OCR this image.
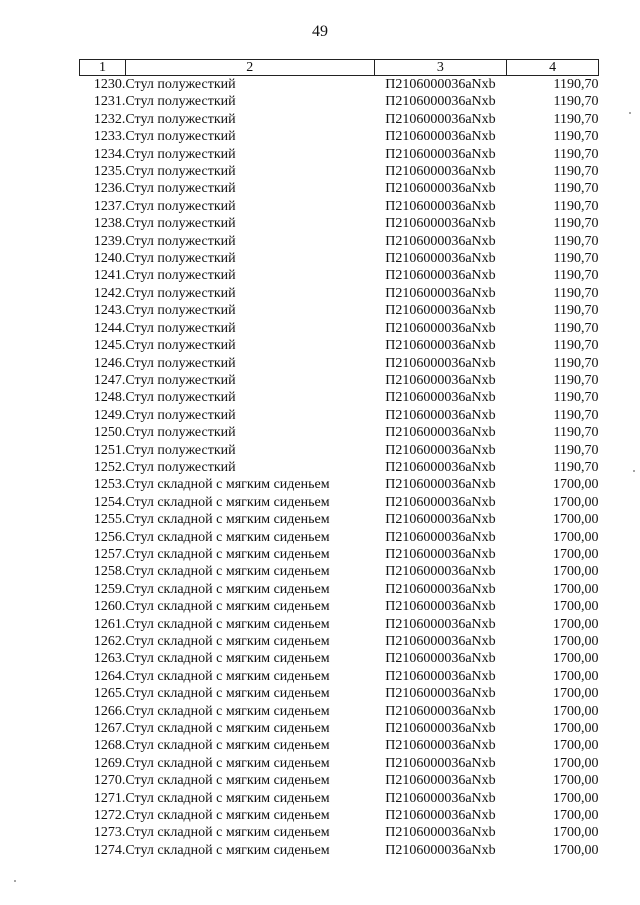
49
1	2	3	4
1230.	Стул полужесткий	П2106000036aNxb	1190,70
1231.	Стул полужесткий	П2106000036aNxb	1190,70
1232.	Стул полужесткий	П2106000036aNxb	1190,70
1233.	Стул полужесткий	П2106000036aNxb	1190,70
1234.	Стул полужесткий	П2106000036aNxb	1190,70
1235.	Стул полужесткий	П2106000036aNxb	1190,70
1236.	Стул полужесткий	П2106000036aNxb	1190,70
1237.	Стул полужесткий	П2106000036aNxb	1190,70
1238.	Стул полужесткий	П2106000036aNxb	1190,70
1239.	Стул полужесткий	П2106000036aNxb	1190,70
1240.	Стул полужесткий	П2106000036aNxb	1190,70
1241.	Стул полужесткий	П2106000036aNxb	1190,70
1242.	Стул полужесткий	П2106000036aNxb	1190,70
1243.	Стул полужесткий	П2106000036aNxb	1190,70
1244.	Стул полужесткий	П2106000036aNxb	1190,70
1245.	Стул полужесткий	П2106000036aNxb	1190,70
1246.	Стул полужесткий	П2106000036aNxb	1190,70
1247.	Стул полужесткий	П2106000036aNxb	1190,70
1248.	Стул полужесткий	П2106000036aNxb	1190,70
1249.	Стул полужесткий	П2106000036aNxb	1190,70
1250.	Стул полужесткий	П2106000036aNxb	1190,70
1251.	Стул полужесткий	П2106000036aNxb	1190,70
1252.	Стул полужесткий	П2106000036aNxb	1190,70
1253.	Стул складной с мягким сиденьем	П2106000036aNxb	1700,00
1254.	Стул складной с мягким сиденьем	П2106000036aNxb	1700,00
1255.	Стул складной с мягким сиденьем	П2106000036aNxb	1700,00
1256.	Стул складной с мягким сиденьем	П2106000036aNxb	1700,00
1257.	Стул складной с мягким сиденьем	П2106000036aNxb	1700,00
1258.	Стул складной с мягким сиденьем	П2106000036aNxb	1700,00
1259.	Стул складной с мягким сиденьем	П2106000036aNxb	1700,00
1260.	Стул складной с мягким сиденьем	П2106000036aNxb	1700,00
1261.	Стул складной с мягким сиденьем	П2106000036aNxb	1700,00
1262.	Стул складной с мягким сиденьем	П2106000036aNxb	1700,00
1263.	Стул складной с мягким сиденьем	П2106000036aNxb	1700,00
1264.	Стул складной с мягким сиденьем	П2106000036aNxb	1700,00
1265.	Стул складной с мягким сиденьем	П2106000036aNxb	1700,00
1266.	Стул складной с мягким сиденьем	П2106000036aNxb	1700,00
1267.	Стул складной с мягким сиденьем	П2106000036aNxb	1700,00
1268.	Стул складной с мягким сиденьем	П2106000036aNxb	1700,00
1269.	Стул складной с мягким сиденьем	П2106000036aNxb	1700,00
1270.	Стул складной с мягким сиденьем	П2106000036aNxb	1700,00
1271.	Стул складной с мягким сиденьем	П2106000036aNxb	1700,00
1272.	Стул складной с мягким сиденьем	П2106000036aNxb	1700,00
1273.	Стул складной с мягким сиденьем	П2106000036aNxb	1700,00
1274.	Стул складной с мягким сиденьем	П2106000036aNxb	1700,00
